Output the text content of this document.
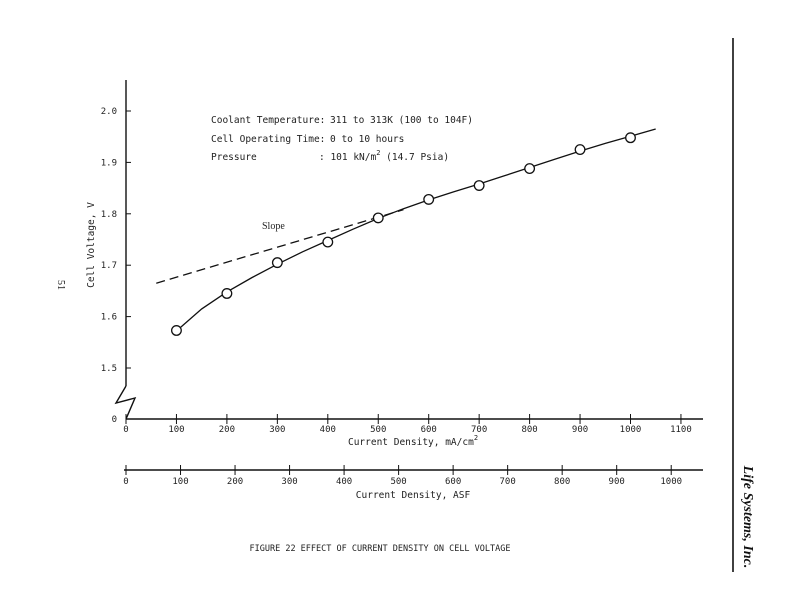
51
2.0
1.9
1.8
1.7
1.6
1.5
0
0	100	200	300	400	500	600	700	800	900	1000	1100
0	100	200	300	400	500	600	700	800	900	1000
Cell Voltage, V
Current Density, $mA/cm^2$
Current Density, ASF
Coolant Temperature: 311 to 313K (100 to 104F)
Cell Operating Time: 0 to 10 hours
Pressure	: 101 $kN/m^2$ (14.7 Psia)
Slope
FIGURE 22 EFFECT OF CURRENT DENSITY ON CELL VOLTAGE	Life Systems, Inc.
